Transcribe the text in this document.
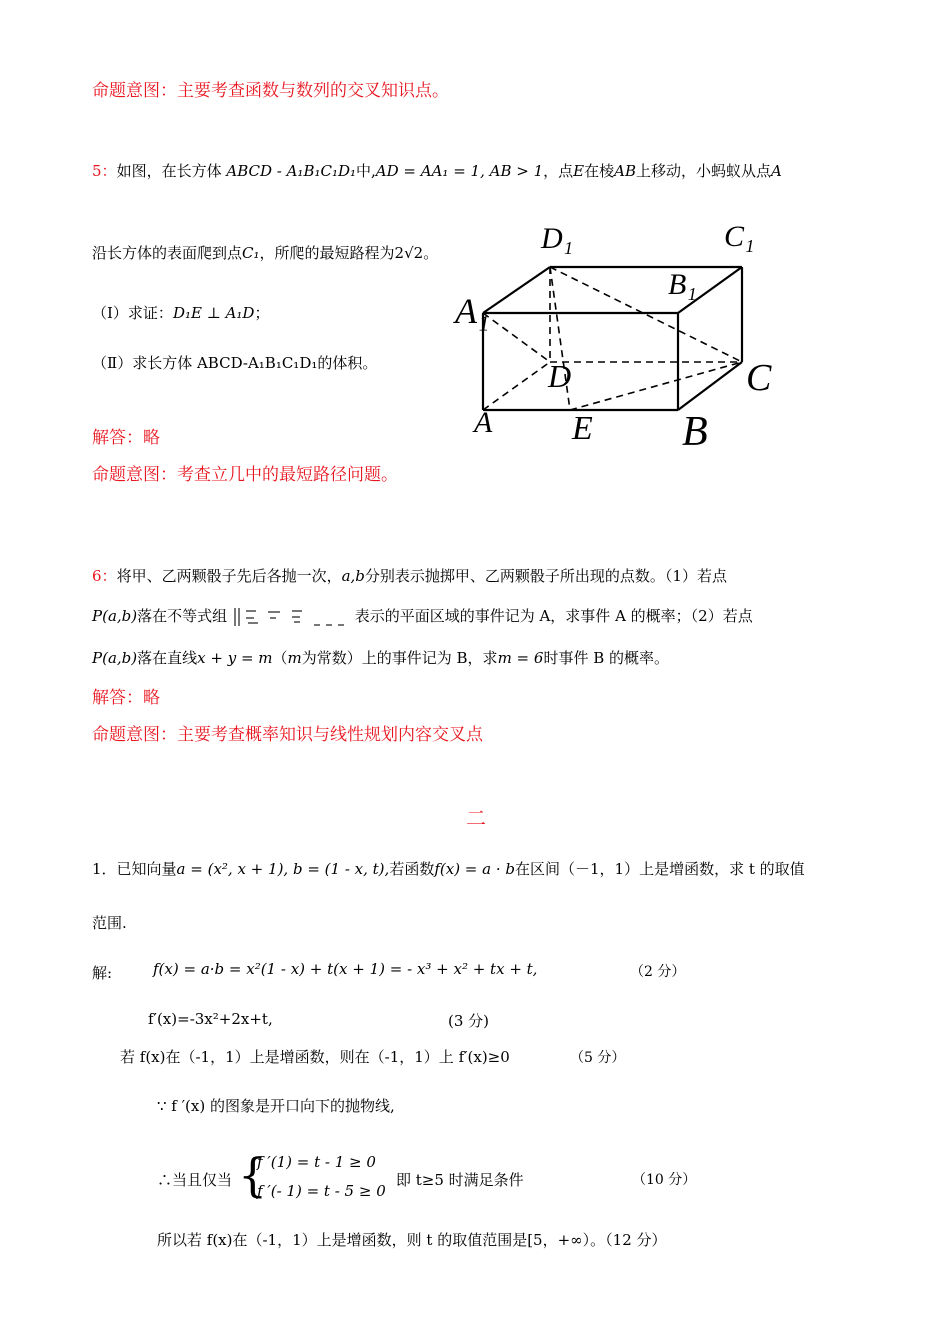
命题意图：主要考查函数与数列的交叉知识点。
5：如图，在长方体 ABCD - A₁B₁C₁D₁中,AD = AA₁ = 1, AB > 1，点E在棱AB上移动，小蚂蚁从点A
沿长方体的表面爬到点C₁，所爬的最短路程为2√2。
（Ⅰ）求证：D₁E ⊥ A₁D；
（Ⅱ）求长方体 ABCD-A₁B₁C₁D₁的体积。
解答：略
命题意图：考查立几中的最短路径问题。
D₁	C₁
B₁
A₁
D	C
A E B
6：将甲、乙两颗骰子先后各抛一次，a,b分别表示抛掷甲、乙两颗骰子所出现的点数。（1）若点
P(a,b)落在不等式组	表示的平面区域的事件记为 A，求事件 A 的概率；（2）若点
P(a,b)落在直线x + y = m（m为常数）上的事件记为 B，求m = 6时事件 B 的概率。
解答：略
命题意图：主要考查概率知识与线性规划内容交叉点
二
1．已知向量a = (x², x + 1), b = (1 - x, t),若函数f(x) = a · b在区间（－1，1）上是增函数，求 t 的取值
范围.
解:	f(x) = a·b = x²(1 - x) + t(x + 1) = - x³ + x² + tx + t,	（2 分）
f′(x)=-3x²+2x+t,	(3 分)
若 f(x)在（-1，1）上是增函数，则在（-1，1）上 f′(x)≥0	（5 分）
∵ f ′(x) 的图象是开口向下的抛物线,
∴当且仅当 {
f ′(1) = t - 1 ≥ 0
f ′(- 1) = t - 5 ≥ 0
即 t≥5 时满足条件	（10 分）
所以若 f(x)在（-1，1）上是增函数，则 t 的取值范围是[5，+∞）。（12 分）
